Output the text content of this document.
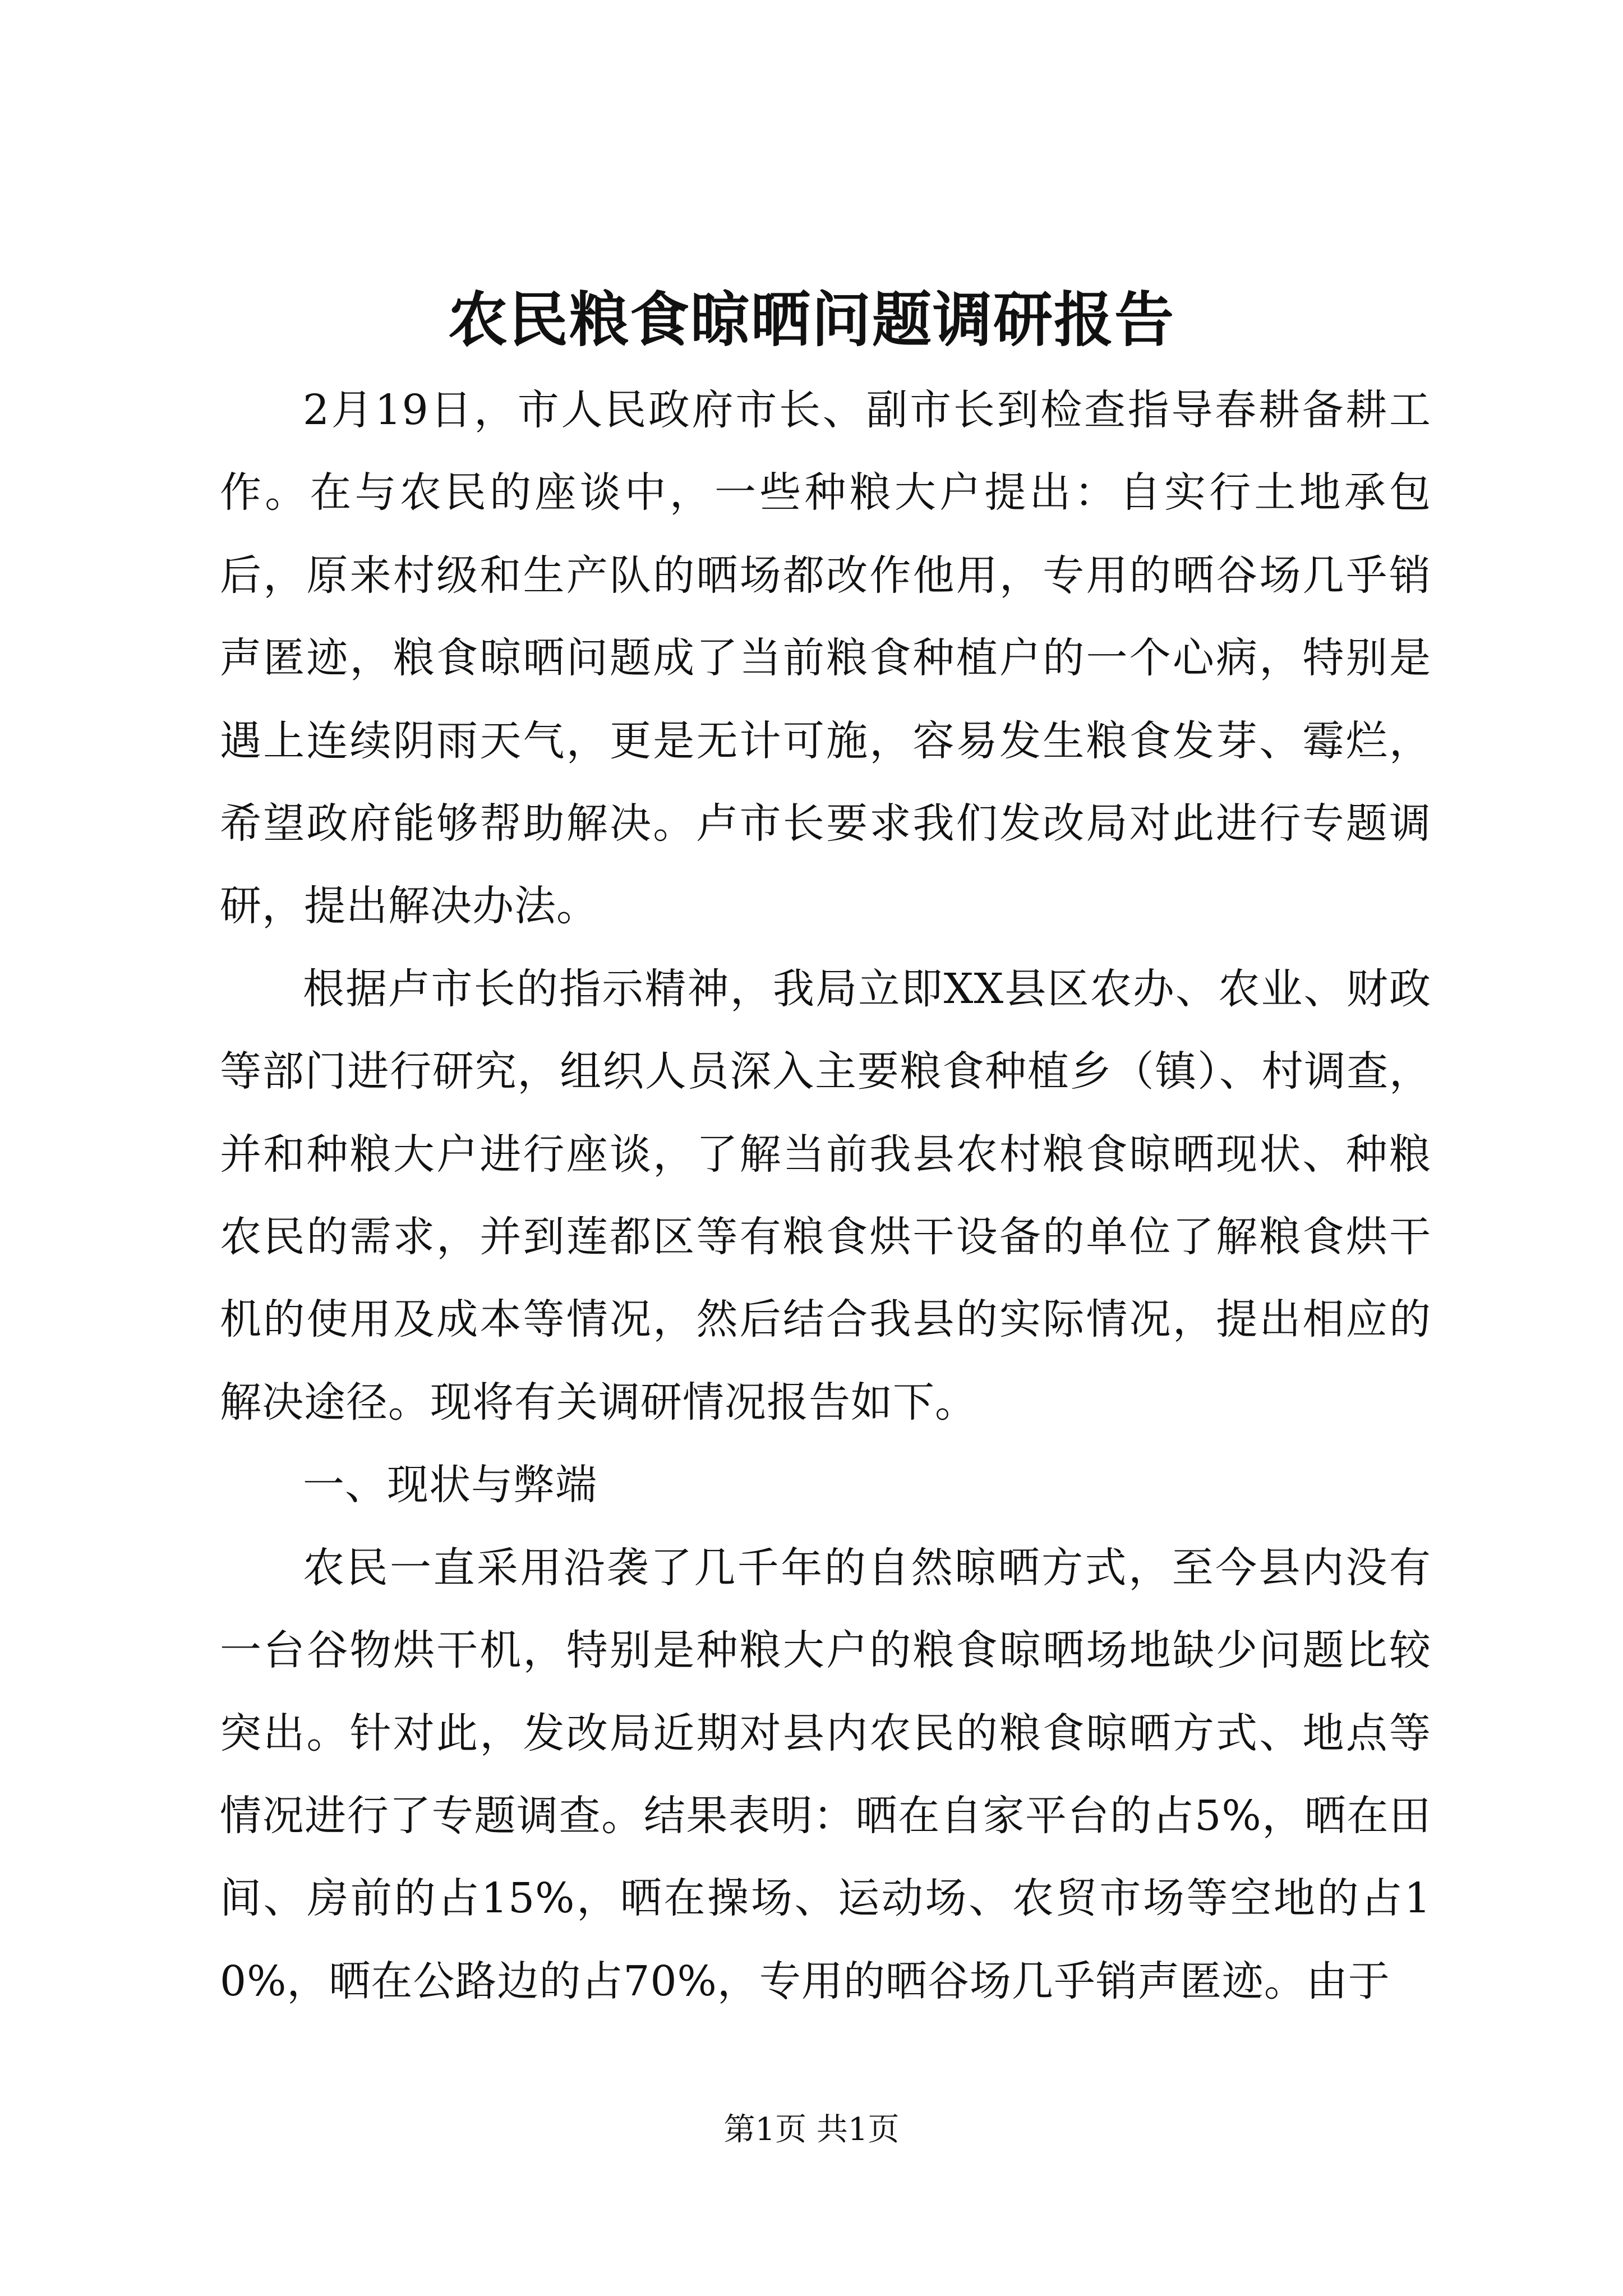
农民粮食晾晒问题调研报告

2月19日，市人民政府市长、副市长到检查指导春耕备耕工作。在与农民的座谈中，一些种粮大户提出：自实行土地承包后，原来村级和生产队的晒场都改作他用，专用的晒谷场几乎销声匿迹，粮食晾晒问题成了当前粮食种植户的一个心病，特别是遇上连续阴雨天气，更是无计可施，容易发生粮食发芽、霉烂，希望政府能够帮助解决。卢市长要求我们发改局对此进行专题调研，提出解决办法。

根据卢市长的指示精神，我局立即XX县区农办、农业、财政等部门进行研究，组织人员深入主要粮食种植乡（镇）、村调查，并和种粮大户进行座谈，了解当前我县农村粮食晾晒现状、种粮农民的需求，并到莲都区等有粮食烘干设备的单位了解粮食烘干机的使用及成本等情况，然后结合我县的实际情况，提出相应的解决途径。现将有关调研情况报告如下。

一、现状与弊端

农民一直采用沿袭了几千年的自然晾晒方式，至今县内没有一台谷物烘干机，特别是种粮大户的粮食晾晒场地缺少问题比较突出。针对此，发改局近期对县内农民的粮食晾晒方式、地点等情况进行了专题调查。结果表明：晒在自家平台的占5%，晒在田间、房前的占15%，晒在操场、运动场、农贸市场等空地的占10%，晒在公路边的占70%，专用的晒谷场几乎销声匿迹。由于

第1页 共1页
